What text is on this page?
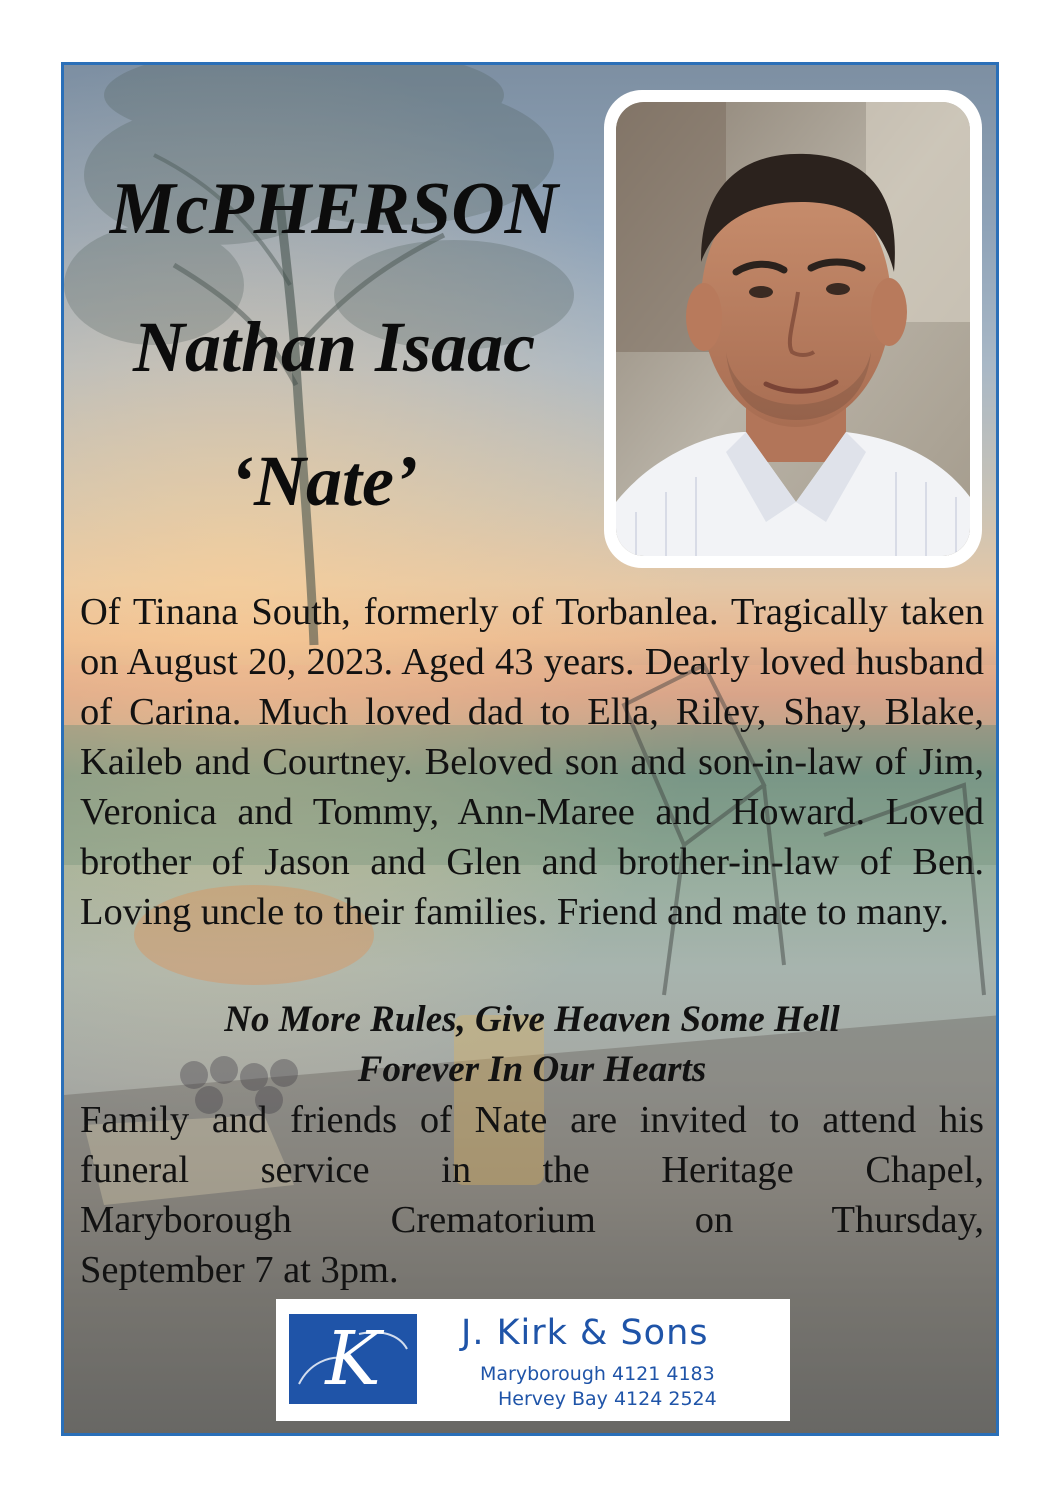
McPHERSON

Nathan Isaac

‘Nate’

Of Tinana South, formerly of Torbanlea. Tragically taken on August 20, 2023. Aged 43 years. Dearly loved husband of Carina. Much loved dad to Ella, Riley, Shay, Blake, Kaileb and Courtney. Beloved son and son-in-law of Jim, Veronica and Tommy, Ann-Maree and Howard. Loved brother of Jason and Glen and brother-in-law of Ben. Loving uncle to their families. Friend and mate to many.

No More Rules, Give Heaven Some Hell

Forever In Our Hearts

Family and friends of Nate are invited to attend his
funeral service in the Heritage Chapel,
Maryborough Crematorium on Thursday,
September 7 at 3pm.
K	J. Kirk & Sons
Maryborough 4121 4183
Hervey Bay 4124 2524
